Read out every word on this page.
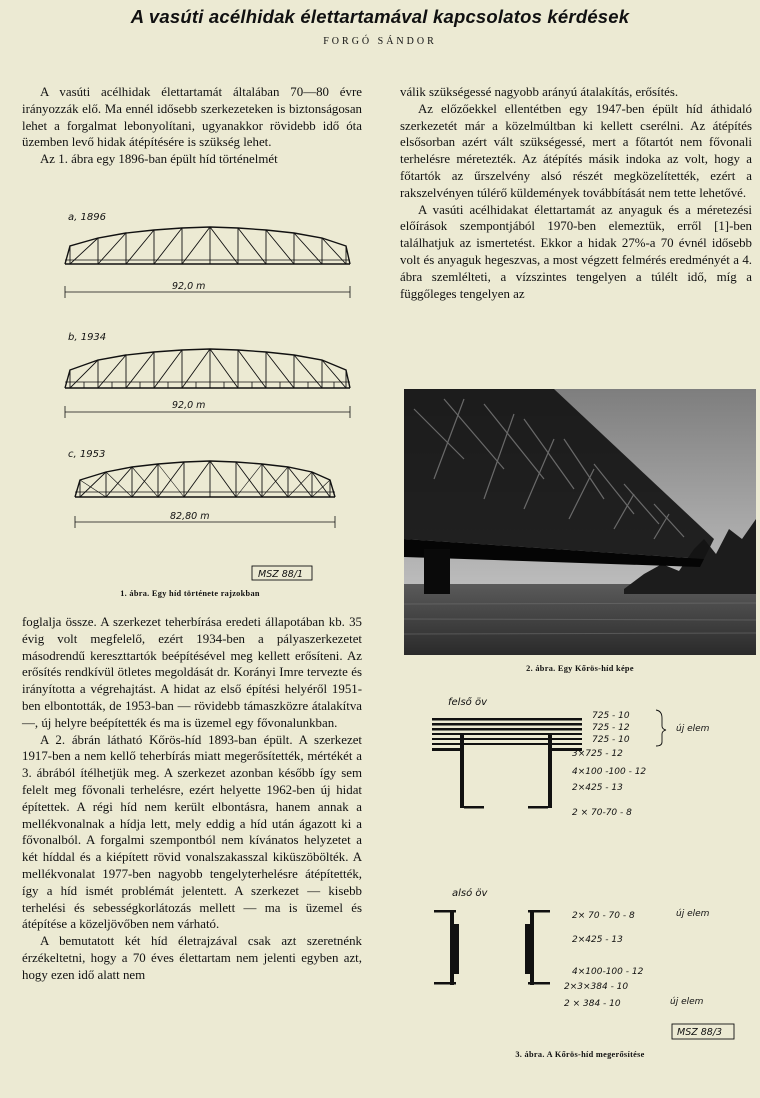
A vasúti acélhidak élettartamával kapcsolatos kérdések
FORGÓ SÁNDOR

A vasúti acélhidak élettartamát általában 70—80 évre irányozzák elő. Ma ennél idősebb szerkezeteken is biztonságosan lehet a forgalmat lebonyolítani, ugyanakkor rövidebb idő óta üzemben levő hidak átépítésére is szükség lehet.

Az 1. ábra egy 1896-ban épült híd történelmét

a, 1896
92,0 m
b, 1934
92,0 m
c, 1953
82,80 m
MSZ 88/1
1. ábra. Egy híd története rajzokban

foglalja össze. A szerkezet teherbírása eredeti állapotában kb. 35 évig volt megfelelő, ezért 1934-ben a pályaszerkezetet másodrendű kereszttartók beépítésével meg kellett erősíteni. Az erősítés rendkívül ötletes megoldását dr. Korányi Imre tervezte és irányította a végrehajtást. A hidat az első építési helyéről 1951-ben elbontották, de 1953-ban — rövidebb támaszközre átalakítva —, új helyre beépítették és ma is üzemel egy fővonalunkban.

A 2. ábrán látható Kőrös-híd 1893-ban épült. A szerkezet 1917-ben a nem kellő teherbírás miatt megerősítették, mértékét a 3. ábrából ítélhetjük meg. A szerkezet azonban később így sem felelt meg fővonali terhelésre, ezért helyette 1962-ben új hidat építettek. A régi híd nem került elbontásra, hanem annak a mellékvonalnak a hídja lett, mely eddig a híd után ágazott ki a fővonalból. A forgalmi szempontból nem kívánatos helyzetet a két híddal és a kiépített rövid vonalszakasszal kiküszöbölték. A mellékvonalat 1977-ben nagyobb tengelyterhelésre átépítették, így a híd ismét problémát jelentett. A szerkezet — kisebb terhelési és sebességkorlátozás mellett — ma is üzemel és átépítése a közeljövőben nem várható.

A bemutatott két híd életrajzával csak azt szeretnénk érzékeltetni, hogy a 70 éves élettartam nem jelenti egyben azt, hogy ezen idő alatt nem

válik szükségessé nagyobb arányú átalakítás, erősítés.

Az előzőekkel ellentétben egy 1947-ben épült híd áthidaló szerkezetét már a közelmúltban ki kellett cserélni. Az átépítés elsősorban azért vált szükségessé, mert a főtartót nem fővonali terhelésre méretezték. Az átépítés másik indoka az volt, hogy a főtartók az űrszelvény alsó részét megközelítették, ezért a rakszelvényen túlérő küldemények továbbítását nem tette lehetővé.

A vasúti acélhidakat élettartamát az anyaguk és a méretezési előírások szempontjából 1970-ben elemeztük, erről [1]-ben találhatjuk az ismertetést. Ekkor a hidak 27%-a 70 évnél idősebb volt és anyaguk hegeszvas, a most végzett felmérés eredményét a 4. ábra szemlélteti, a vízszintes tengelyen a túlélt idő, míg a függőleges tengelyen az

2. ábra. Egy Kőrös-híd képe
felső öv
725 - 10
725 - 12
725 - 10
3×725 - 12
4×100 -100 - 12
2×425 - 13
2 × 70-70 - 8
új elem
alsó öv
2× 70 - 70 - 8
2×425 - 13
4×100-100 - 12
2×3×384 - 10
2 × 384 - 10
új elem
új elem
MSZ 88/3
3. ábra. A Kőrös-híd megerősítése
